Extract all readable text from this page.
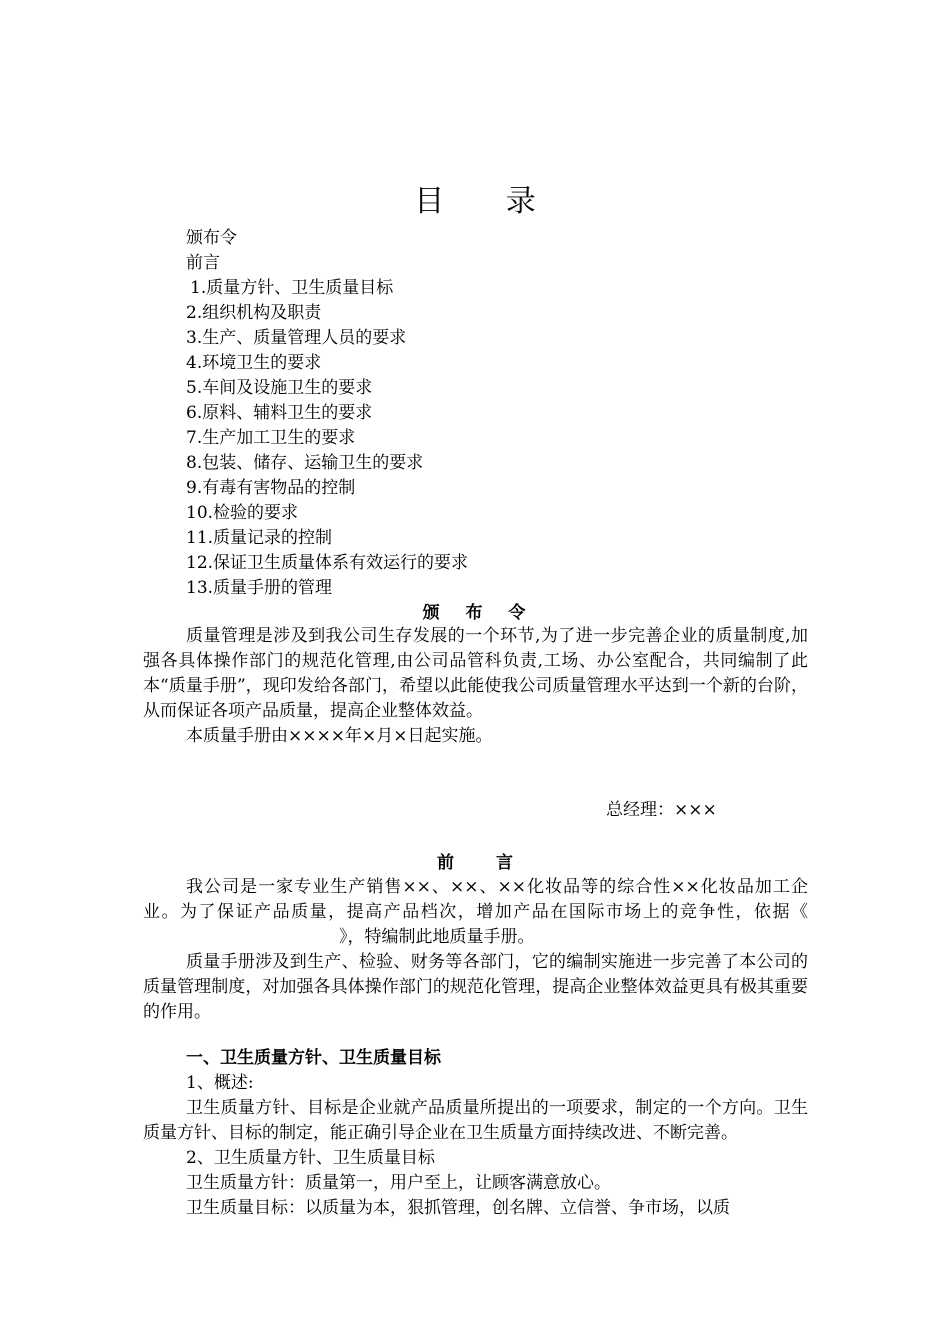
目 录
颁布令
前言
1.质量方针、卫生质量目标
2.组织机构及职责
3.生产、质量管理人员的要求
4.环境卫生的要求
5.车间及设施卫生的要求
6.原料、辅料卫生的要求
7.生产加工卫生的要求
8.包装、储存、运输卫生的要求
9.有毒有害物品的控制
10.检验的要求
11.质量记录的控制
12.保证卫生质量体系有效运行的要求
13.质量手册的管理
颁 布 令

质量管理是涉及到我公司生存发展的一个环节,为了进一步完善企业的质量制度,加强各具体操作部门的规范化管理,由公司品管科负责,工场、办公室配合，共同编制了此本“质量手册”，现印发给各部门，希望以此能使我公司质量管理水平达到一个新的台阶，从而保证各项产品质量，提高企业整体效益。

本质量手册由××××年×月×日起实施。

总经理：×××
前 言

我公司是一家专业生产销售××、××、××化妆品等的综合性××化妆品加工企业。为了保证产品质量，提高产品档次，增加产品在国际市场上的竞争性，依据《》，特编制此地质量手册。

质量手册涉及到生产、检验、财务等各部门，它的编制实施进一步完善了本公司的质量管理制度，对加强各具体操作部门的规范化管理，提高企业整体效益更具有极其重要的作用。

一、卫生质量方针、卫生质量目标

1、概述:

卫生质量方针、目标是企业就产品质量所提出的一项要求，制定的一个方向。卫生质量方针、目标的制定，能正确引导企业在卫生质量方面持续改进、不断完善。

2、卫生质量方针、卫生质量目标

卫生质量方针：质量第一，用户至上，让顾客满意放心。

卫生质量目标：以质量为本，狠抓管理，创名牌、立信誉、争市场，以质
